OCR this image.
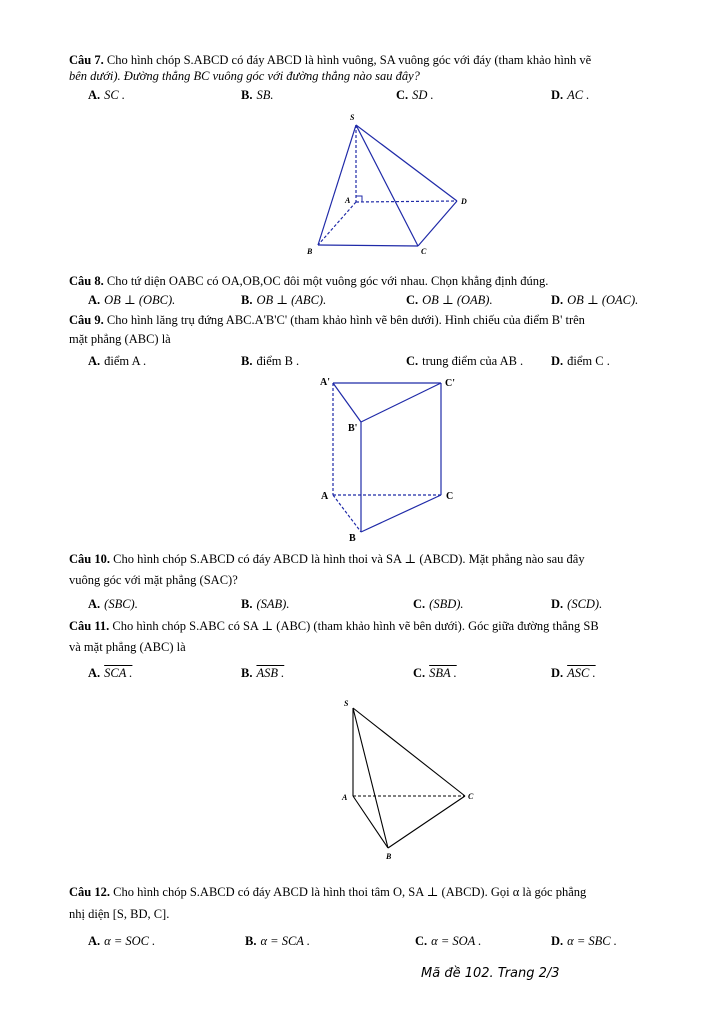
Câu 7. Cho hình chóp S.ABCD có đáy ABCD là hình vuông, SA vuông góc với đáy (tham khảo hình vẽ
bên dưới). Đường thẳng BC vuông góc với đường thẳng nào sau đây?
A. SC .	B. SB.	C. SD .	D. AC .
S
A
B	C
D
Câu 8. Cho tứ diện OABC có OA,OB,OC đôi một vuông góc với nhau. Chọn khẳng định đúng.
A. OB ⊥ (OBC).	B. OB ⊥ (ABC).	C. OB ⊥ (OAB).	D. OB ⊥ (OAC).
Câu 9. Cho hình lăng trụ đứng ABC.A'B'C' (tham khảo hình vẽ bên dưới). Hình chiếu của điểm B' trên
mặt phẳng (ABC) là
A. điểm A .	B. điểm B .	C. trung điểm của AB . D. điểm C .
A'	C'
B'
A	C
B
Câu 10. Cho hình chóp S.ABCD có đáy ABCD là hình thoi và SA ⊥ (ABCD). Mặt phẳng nào sau đây
vuông góc với mặt phẳng (SAC)?
A. (SBC).	B. (SAB).	C. (SBD).	D. (SCD).
Câu 11. Cho hình chóp S.ABC có SA ⊥ (ABC) (tham khảo hình vẽ bên dưới). Góc giữa đường thẳng SB
và mặt phẳng (ABC) là
A. SCA .	B. ASB .	C. SBA .	D. ASC .
S
A	C
B
Câu 12. Cho hình chóp S.ABCD có đáy ABCD là hình thoi tâm O, SA ⊥ (ABCD). Gọi α là góc phẳng
nhị diện [S, BD, C].
A. α = SOC .	B. α = SCA .	C. α = SOA .	D. α = SBC .
Mã đề 102. Trang 2/3
